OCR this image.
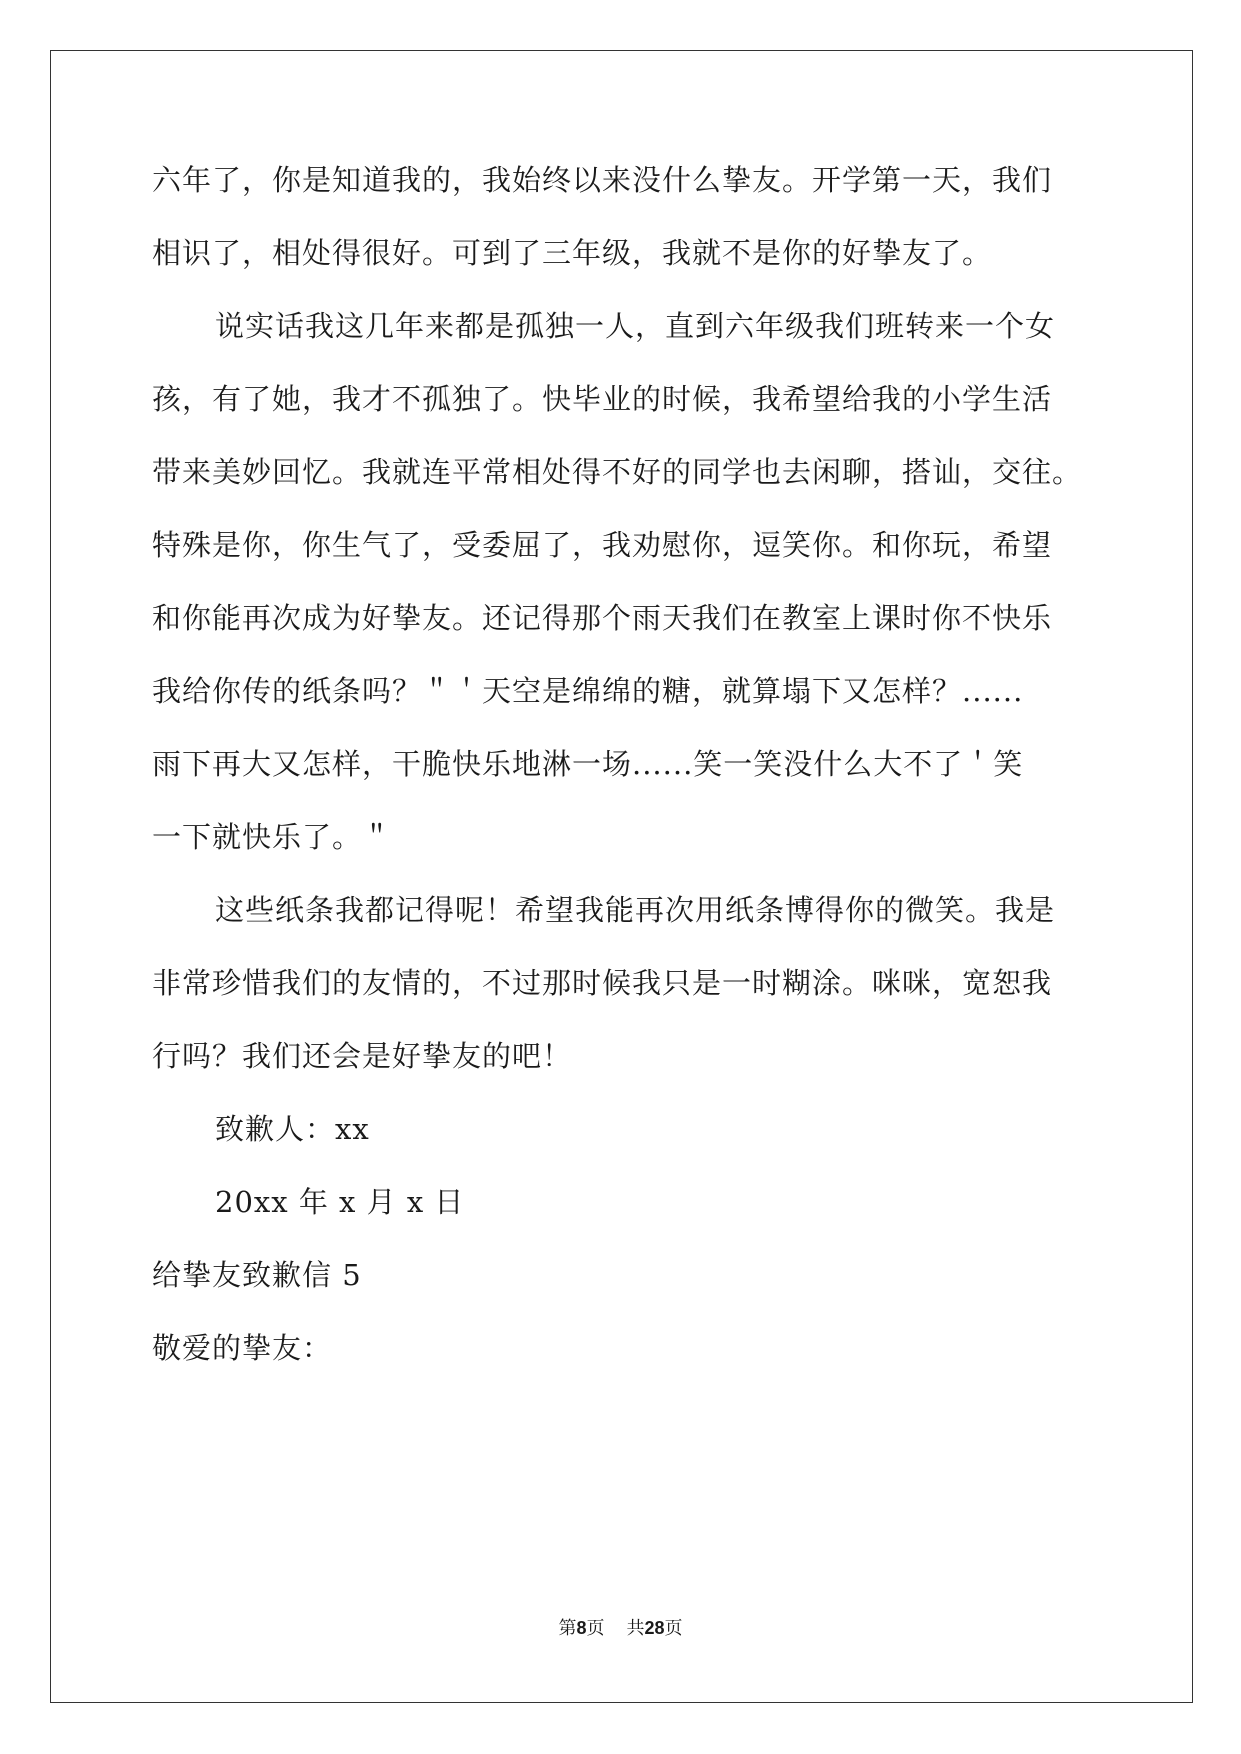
六年了，你是知道我的，我始终以来没什么挚友。开学第一天，我们
相识了，相处得很好。可到了三年级，我就不是你的好挚友了。
说实话我这几年来都是孤独一人，直到六年级我们班转来一个女
孩，有了她，我才不孤独了。快毕业的时候，我希望给我的小学生活
带来美妙回忆。我就连平常相处得不好的同学也去闲聊，搭讪，交往。
特殊是你，你生气了，受委屈了，我劝慰你，逗笑你。和你玩，希望
和你能再次成为好挚友。还记得那个雨天我们在教室上课时你不快乐
我给你传的纸条吗？＂＇天空是绵绵的糖，就算塌下又怎样？......
雨下再大又怎样，干脆快乐地淋一场......笑一笑没什么大不了＇笑
一下就快乐了。＂
这些纸条我都记得呢！希望我能再次用纸条博得你的微笑。我是
非常珍惜我们的友情的，不过那时候我只是一时糊涂。咪咪，宽恕我
行吗？我们还会是好挚友的吧！
致歉人：xx
20xx 年 x 月 x 日
给挚友致歉信 5
敬爱的挚友：
第8页 共28页
